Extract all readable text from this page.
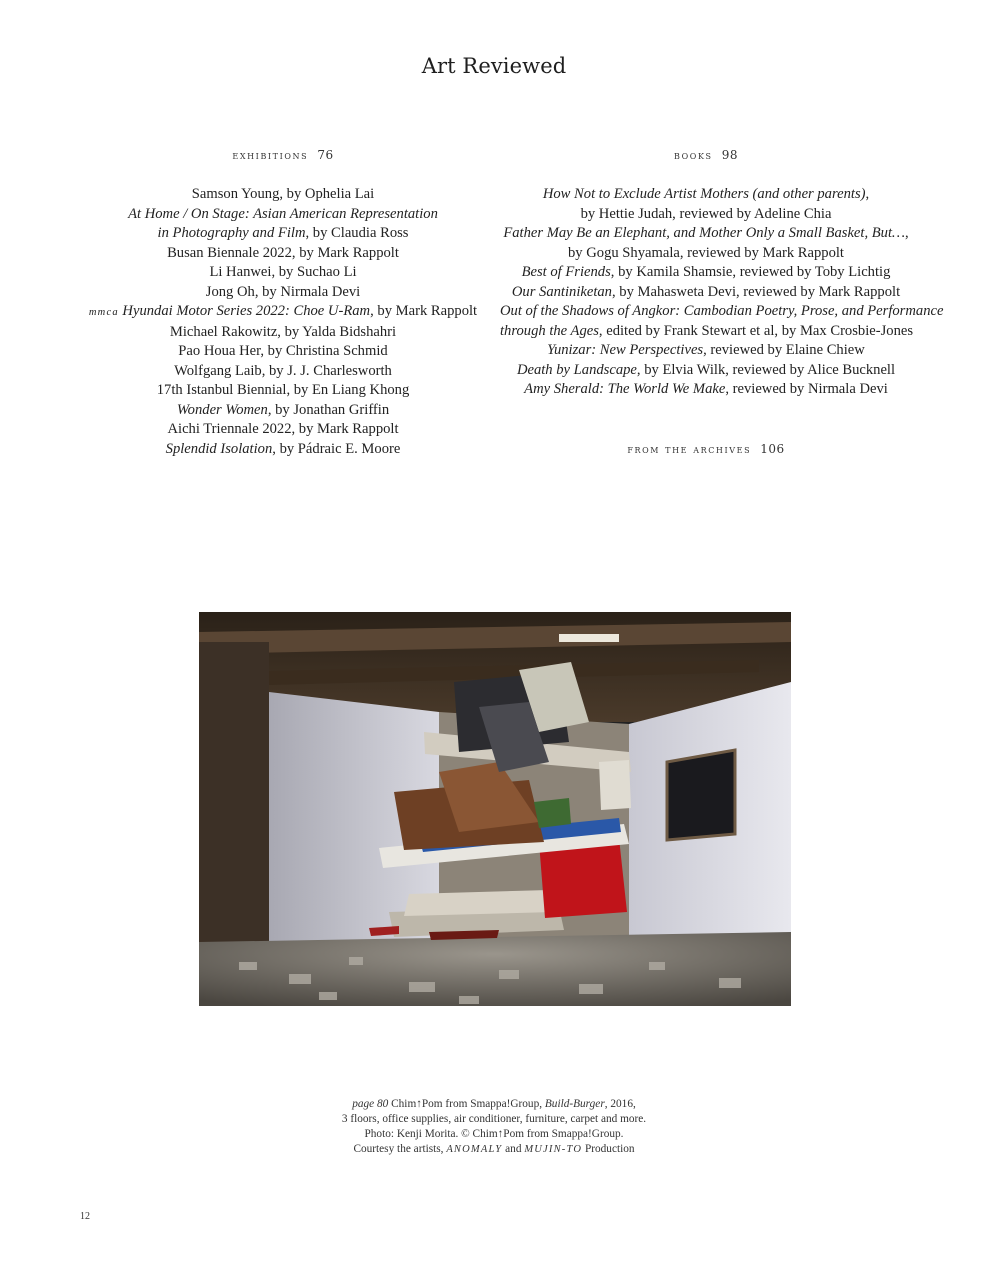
Art Reviewed
exhibitions 76
Samson Young, by Ophelia Lai
At Home / On Stage: Asian American Representation
in Photography and Film, by Claudia Ross
Busan Biennale 2022, by Mark Rappolt
Li Hanwei, by Suchao Li
Jong Oh, by Nirmala Devi
mmca Hyundai Motor Series 2022: Choe U-Ram, by Mark Rappolt
Michael Rakowitz, by Yalda Bidshahri
Pao Houa Her, by Christina Schmid
Wolfgang Laib, by J. J. Charlesworth
17th Istanbul Biennial, by En Liang Khong
Wonder Women, by Jonathan Griffin
Aichi Triennale 2022, by Mark Rappolt
Splendid Isolation, by Pádraic E. Moore
books 98
How Not to Exclude Artist Mothers (and other parents),
by Hettie Judah, reviewed by Adeline Chia
Father May Be an Elephant, and Mother Only a Small Basket, But…,
by Gogu Shyamala, reviewed by Mark Rappolt
Best of Friends, by Kamila Shamsie, reviewed by Toby Lichtig
Our Santiniketan, by Mahasweta Devi, reviewed by Mark Rappolt
Out of the Shadows of Angkor: Cambodian Poetry, Prose, and Performance
through the Ages, edited by Frank Stewart et al, by Max Crosbie-Jones
Yunizar: New Perspectives, reviewed by Elaine Chiew
Death by Landscape, by Elvia Wilk, reviewed by Alice Bucknell
Amy Sherald: The World We Make, reviewed by Nirmala Devi
from the archives 106
page 80 Chim↑Pom from Smappa!Group, Build-Burger, 2016,
3 floors, office supplies, air conditioner, furniture, carpet and more.
Photo: Kenji Morita. © Chim↑Pom from Smappa!Group.
Courtesy the artists, ANOMALY and MUJIN-TO Production
12
